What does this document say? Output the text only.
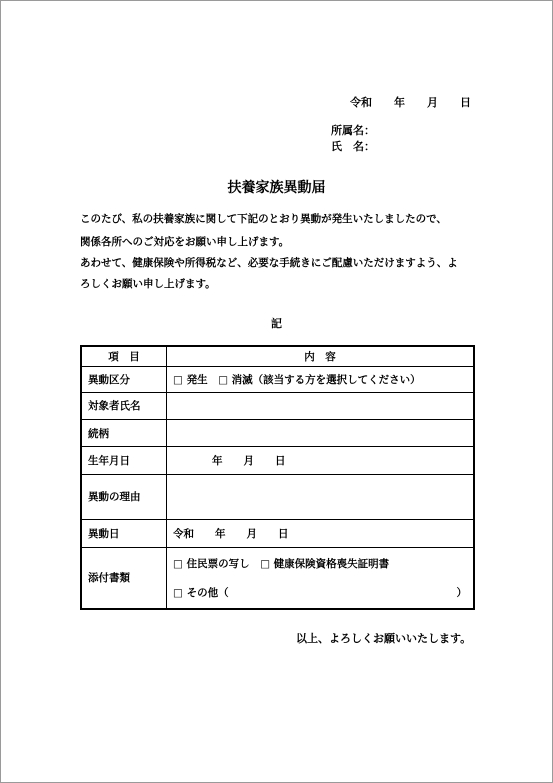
令和　　年　　月　　日
所属名：
氏　名：
扶養家族異動届
このたび、私の扶養家族に関して下記のとおり異動が発生いたしましたので、
関係各所へのご対応をお願い申し上げます。
あわせて、健康保険や所得税など、必要な手続きにご配慮いただけますよう、よ
ろしくお願い申し上げます。
記
項　目	内　容
異動区分	□ 発生　□ 消滅（該当する方を選択してください）
対象者氏名	
続柄	
生年月日	年　　月　　日
異動の理由	
異動日	令和　　年　　月　　日
添付書類	□ 住民票の写し　□ 健康保険資格喪失証明書
□ その他（ ）
以上、よろしくお願いいたします。
